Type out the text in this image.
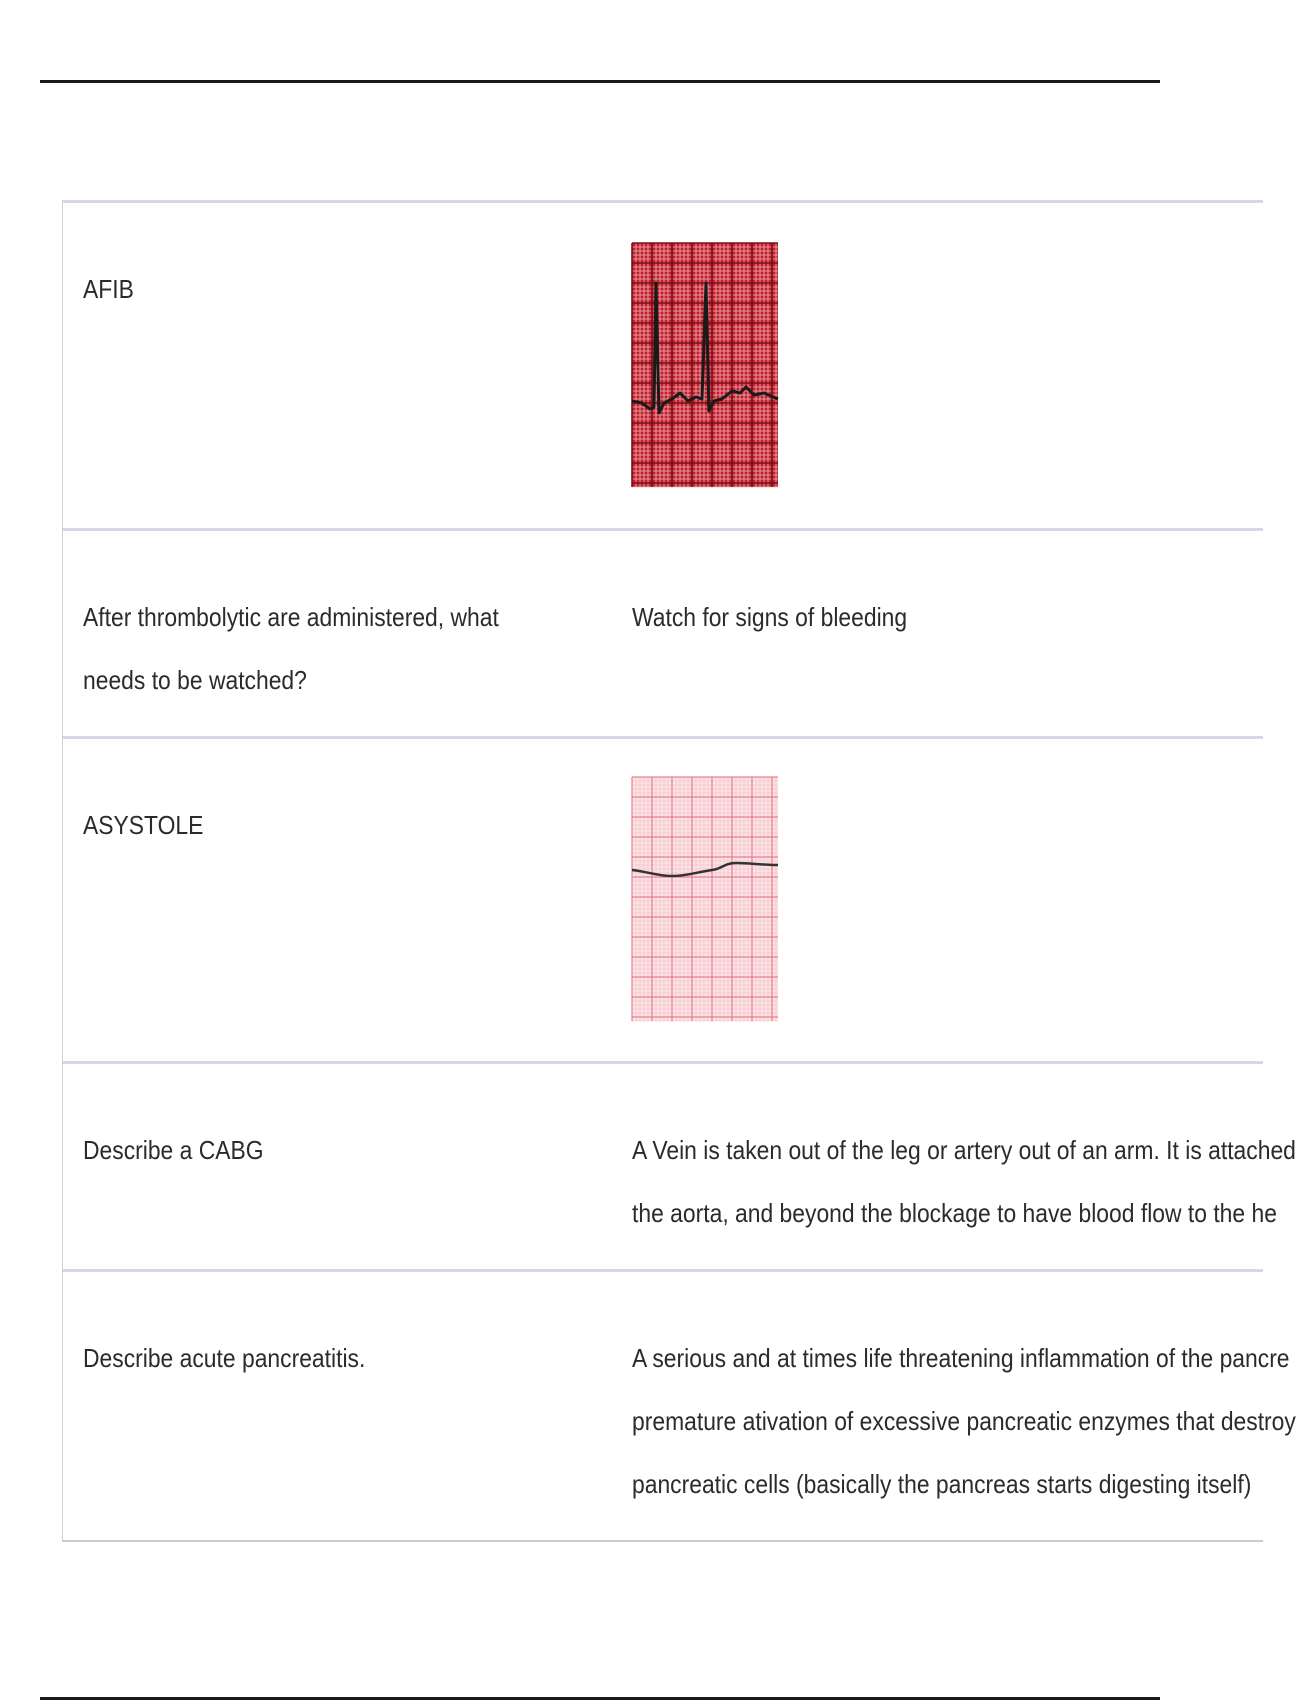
AFIB
After thrombolytic are administered, what needs to be watched?
Watch for signs of bleeding
ASYSTOLE
Describe a CABG	A Vein is taken out of the leg or artery out of an arm. It is attached
the aorta, and beyond the blockage to have blood flow to the he
Describe acute pancreatitis.	A serious and at times life threatening inflammation of the pancre
premature ativation of excessive pancreatic enzymes that destroy
pancreatic cells (basically the pancreas starts digesting itself)
